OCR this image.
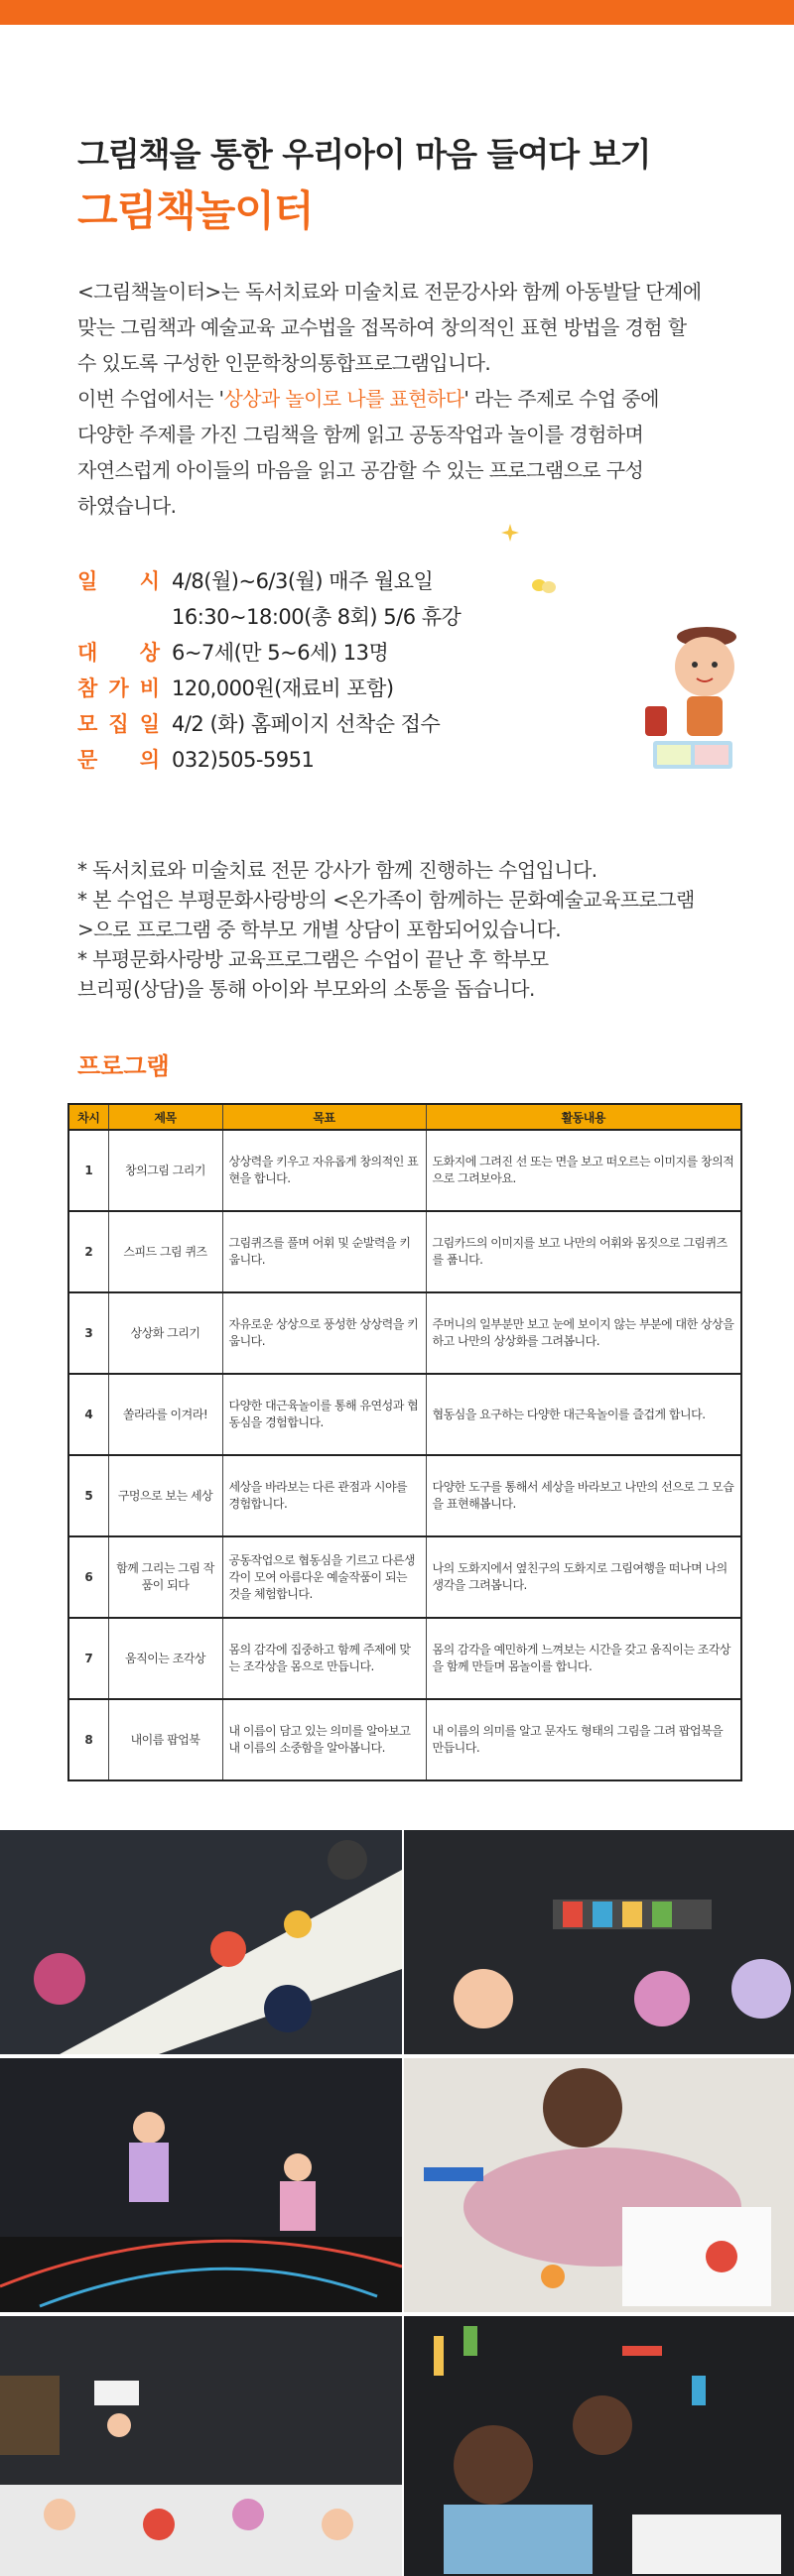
그림책을 통한 우리아이 마음 들여다 보기
그림책놀이터

<그림책놀이터>는 독서치료와 미술치료 전문강사와 함께 아동발달 단계에

맞는 그림책과 예술교육 교수법을 접목하여 창의적인 표현 방법을 경험 할

수 있도록 구성한 인문학창의통합프로그램입니다.

이번 수업에서는 '상상과 놀이로 나를 표현하다' 라는 주제로 수업 중에

다양한 주제를 가진 그림책을 함께 읽고 공동작업과 놀이를 경험하며

자연스럽게 아이들의 마음을 읽고 공감할 수 있는 프로그램으로 구성

하였습니다.

일 시 4/8(월)~6/3(월) 매주 월요일
16:30~18:00(총 8회) 5/6 휴강
대 상 6~7세(만 5~6세) 13명
참 가 비 120,000원(재료비 포함)
모 집 일 4/2 (화) 홈페이지 선착순 접수
문 의 032)505-5951

* 독서치료와 미술치료 전문 강사가 함께 진행하는 수업입니다.

* 본 수업은 부평문화사랑방의 <온가족이 함께하는 문화예술교육프로그램

>으로 프로그램 중 학부모 개별 상담이 포함되어있습니다.

* 부평문화사랑방 교육프로그램은 수업이 끝난 후 학부모

브리핑(상담)을 통해 아이와 부모와의 소통을 돕습니다.

프로그램
차시	제목	목표	활동내용
1	창의그림 그리기	상상력을 키우고 자유롭게 창의적인 표현을 합니다.	도화지에 그려진 선 또는 면을 보고 떠오르는 이미지를 창의적으로 그려보아요.
2	스피드 그림 퀴즈	그림퀴즈를 풀며 어휘 및 순발력을 키웁니다.	그림카드의 이미지를 보고 나만의 어휘와 몸짓으로 그림퀴즈를 풉니다.
3	상상화 그리기	자유로운 상상으로 풍성한 상상력을 키웁니다.	주머니의 일부분만 보고 눈에 보이지 않는 부분에 대한 상상을 하고 나만의 상상화를 그려봅니다.
4	쏠라라를 이겨라!	다양한 대근육놀이를 통해 유연성과 협동심을 경험합니다.	협동심을 요구하는 다양한 대근육놀이를 즐겁게 합니다.
5	구멍으로 보는 세상	세상을 바라보는 다른 관점과 시야를 경험합니다.	다양한 도구를 통해서 세상을 바라보고 나만의 선으로 그 모습을 표현해봅니다.
6	함께 그리는 그림 작품이 되다	공동작업으로 협동심을 기르고 다른생각이 모여 아름다운 예술작품이 되는 것을 체험합니다.	나의 도화지에서 옆친구의 도화지로 그림여행을 떠나며 나의 생각을 그려봅니다.
7	움직이는 조각상	몸의 감각에 집중하고 함께 주제에 맞는 조각상을 몸으로 만듭니다.	몸의 감각을 예민하게 느껴보는 시간을 갖고 움직이는 조각상을 함께 만들며 몸놀이를 합니다.
8	내이름 팝업북	내 이름이 담고 있는 의미를 알아보고 내 이름의 소중함을 알아봅니다.	내 이름의 의미를 알고 문자도 형태의 그림을 그려 팝업북을 만듭니다.
